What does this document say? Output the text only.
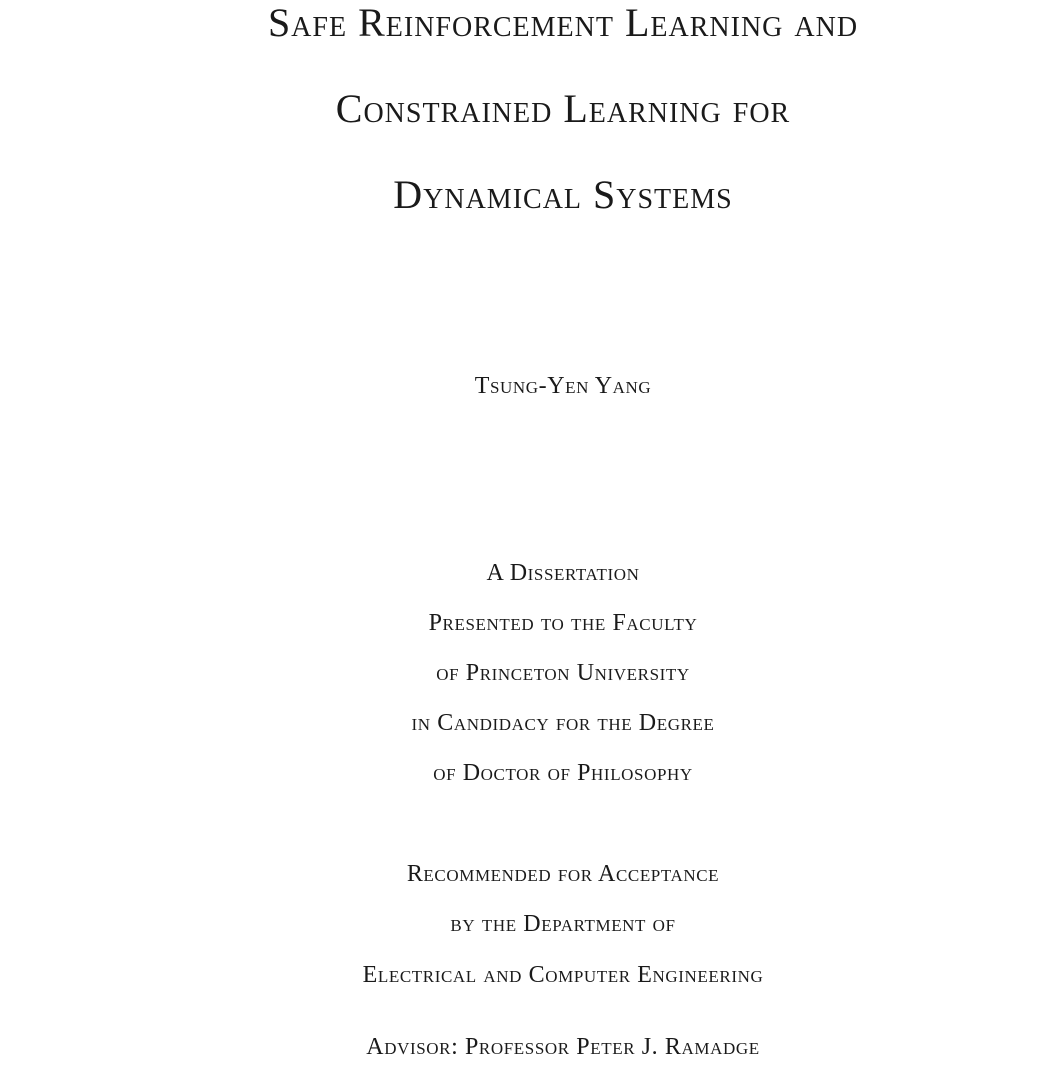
Safe Reinforcement Learning and
Constrained Learning for
Dynamical Systems
Tsung-Yen Yang
A Dissertation
Presented to the Faculty
of Princeton University
in Candidacy for the Degree
of Doctor of Philosophy
Recommended for Acceptance
by the Department of
Electrical and Computer Engineering
Advisor: Professor Peter J. Ramadge
